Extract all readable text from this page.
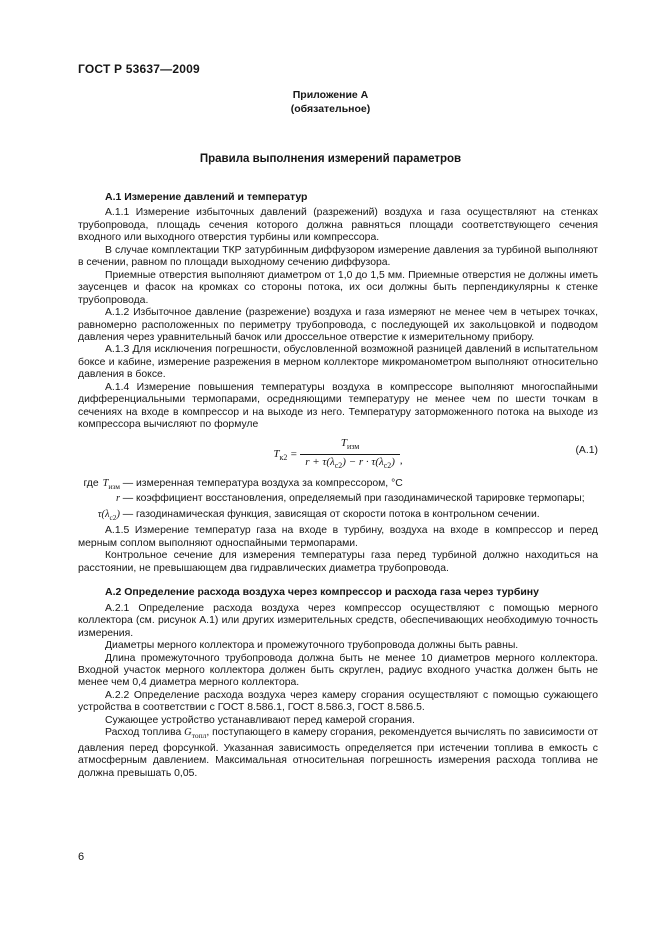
ГОСТ Р 53637—2009
Приложение А
(обязательное)
Правила выполнения измерений параметров
А.1 Измерение давлений и температур

А.1.1 Измерение избыточных давлений (разрежений) воздуха и газа осуществляют на стенках трубопровода, площадь сечения которого должна равняться площади соответствующего сечения входного или выходного отверстия турбины или компрессора.

В случае комплектации ТКР затурбинным диффузором измерение давления за турбиной выполняют в сечении, равном по площади выходному сечению диффузора.

Приемные отверстия выполняют диаметром от 1,0 до 1,5 мм. Приемные отверстия не должны иметь заусенцев и фасок на кромках со стороны потока, их оси должны быть перпендикулярны к стенке трубопровода.

А.1.2 Избыточное давление (разрежение) воздуха и газа измеряют не менее чем в четырех точках, равномерно расположенных по периметру трубопровода, с последующей их закольцовкой и подводом давления через уравнительный бачок или дроссельное отверстие к измерительному прибору.

А.1.3 Для исключения погрешности, обусловленной возможной разницей давлений в испытательном боксе и кабине, измерение разрежения в мерном коллекторе микроманометром выполняют относительно давления в боксе.

А.1.4 Измерение повышения температуры воздуха в компрессоре выполняют многоспайными дифференциальными термопарами, осредняющими температуру не менее чем по шести точкам в сечениях на входе в компрессор и на выходе из него. Температуру заторможенного потока на выходе из компрессора вычисляют по формуле

$T_{к2} = \frac{T_{изм}}{r + \tau(\lambda_{с2}) - r \cdot \tau(\lambda_{с2})}$ ,
(А.1)
где $T_{изм}$ — измеренная температура воздуха за компрессором, °С
r — коэффициент восстановления, определяемый при газодинамической тарировке термопары;
$\tau(\lambda_{с2})$ — газодинамическая функция, зависящая от скорости потока в контрольном сечении.

А.1.5 Измерение температур газа на входе в турбину, воздуха на входе в компрессор и перед мерным соплом выполняют односпайными термопарами.

Контрольное сечение для измерения температуры газа перед турбиной должно находиться на расстоянии, не превышающем два гидравлических диаметра трубопровода.

А.2 Определение расхода воздуха через компрессор и расхода газа через турбину

А.2.1 Определение расхода воздуха через компрессор осуществляют с помощью мерного коллектора (см. рисунок А.1) или других измерительных средств, обеспечивающих необходимую точность измерения.

Диаметры мерного коллектора и промежуточного трубопровода должны быть равны.

Длина промежуточного трубопровода должна быть не менее 10 диаметров мерного коллектора. Входной участок мерного коллектора должен быть скруглен, радиус входного участка должен быть не менее чем 0,4 диаметра мерного коллектора.

А.2.2 Определение расхода воздуха через камеру сгорания осуществляют с помощью сужающего устройства в соответствии с ГОСТ 8.586.1, ГОСТ 8.586.3, ГОСТ 8.586.5.

Сужающее устройство устанавливают перед камерой сгорания.

Расход топлива $G_{топл}$, поступающего в камеру сгорания, рекомендуется вычислять по зависимости от давления перед форсункой. Указанная зависимость определяется при истечении топлива в емкость с атмосферным давлением. Максимальная относительная погрешность измерения расхода топлива не должна превышать 0,05.

6
